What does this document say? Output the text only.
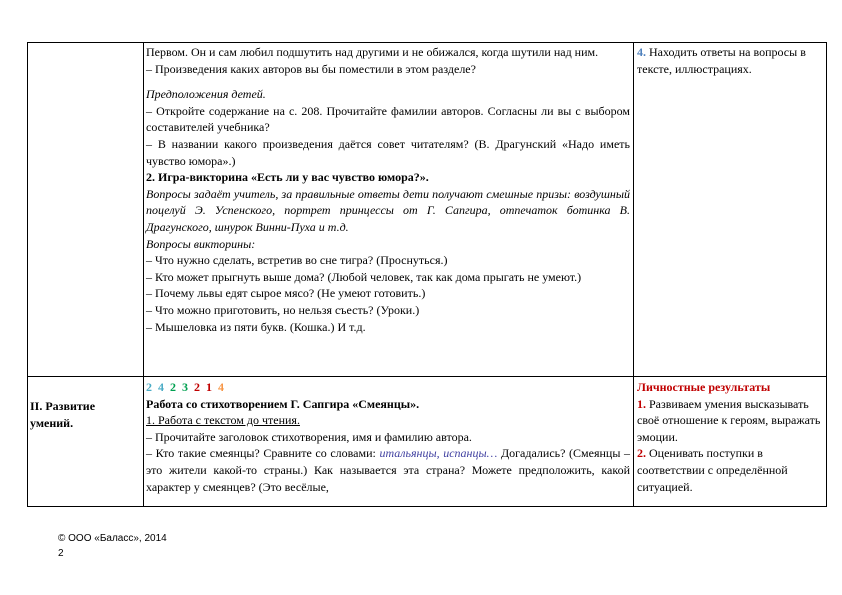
Первом. Он и сам любил подшутить над другими и не обижался, когда шутили над ним.

– Произведения каких авторов вы бы поместили в этом разделе?

Предположения детей.

– Откройте содержание на с. 208. Прочитайте фамилии авторов. Согласны ли вы с выбором составителей учебника?

– В названии какого произведения даётся совет читателям? (В. Драгунский «Надо иметь чувство юмора».)

2. Игра-викторина «Есть ли у вас чувство юмора?».

Вопросы задаёт учитель, за правильные ответы дети получают смешные призы: воздушный поцелуй Э. Успенского, портрет принцессы от Г. Сапгира, отпечаток ботинка В. Драгунского, шнурок Винни-Пуха и т.д.

Вопросы викторины:

– Что нужно сделать, встретив во сне тигра? (Проснуться.)

– Кто может прыгнуть выше дома? (Любой человек, так как дома прыгать не умеют.)

– Почему львы едят сырое мясо? (Не умеют готовить.)

– Что можно приготовить, но нельзя съесть? (Уроки.)

– Мышеловка из пяти букв. (Кошка.) И т.д.

4. Находить ответы на вопросы в тексте, иллюстрациях.

II. Развитие умений.

2 4 2 3 2 1 4

Работа со стихотворением Г. Сапгира «Смеянцы».

1. Работа с текстом до чтения.

– Прочитайте заголовок стихотворения, имя и фамилию автора.

– Кто такие смеянцы? Сравните со словами: итальянцы, испанцы… Догадались? (Смеянцы – это жители какой-то страны.) Как называется эта страна? Можете предположить, какой характер у смеянцев? (Это весёлые,

Личностные результаты

1. Развиваем умения высказывать своё отношение к героям, выражать эмоции.

2. Оценивать поступки в соответствии с определённой ситуацией.

© ООО «Баласс», 2014
2
